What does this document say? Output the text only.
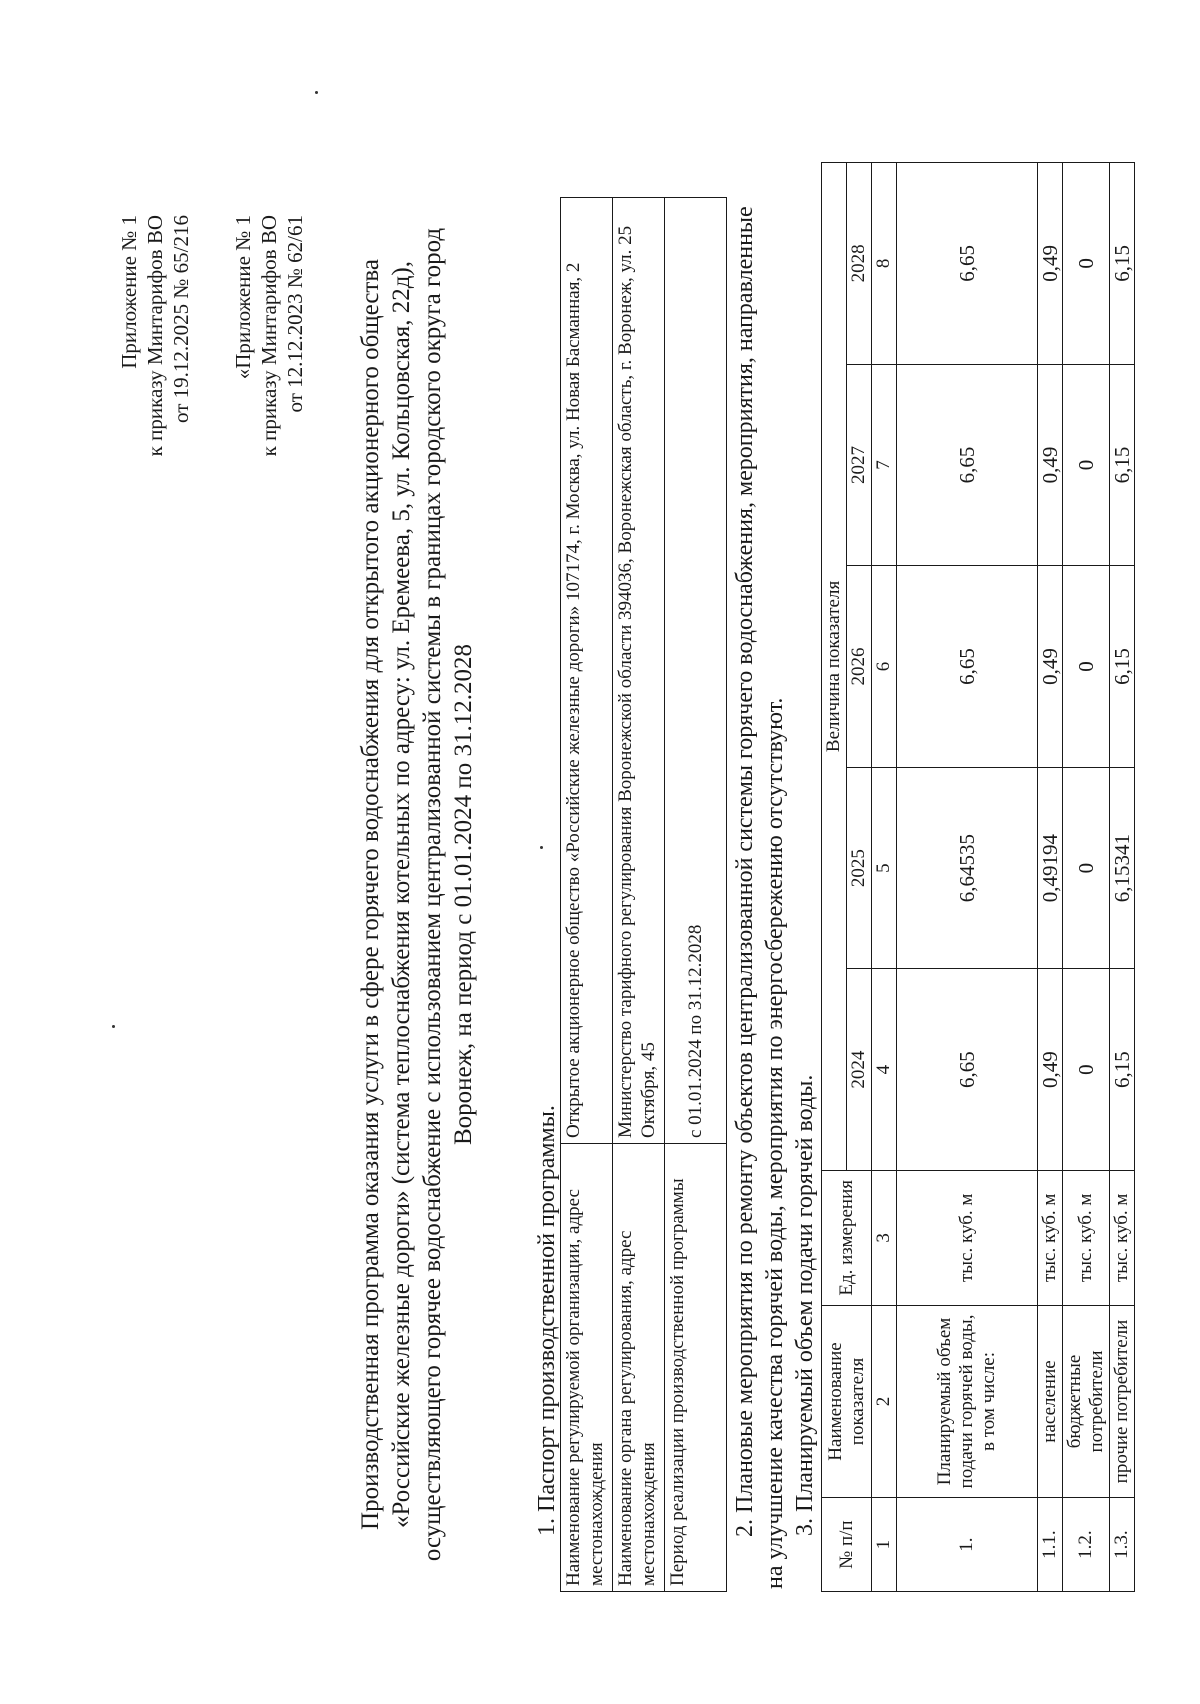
Приложение № 1 к приказу Минтарифов ВО от 19.12.2025 № 65/216 «Приложение № 1 к приказу Минтарифов ВО от 12.12.2023 № 62/61 Производственная программа оказания услуги в сфере горячего водоснабжения для открытого акционерного общества «Российские железные дороги» (система теплоснабжения котельных по адресу: ул. Еремеева, 5, ул. Кольцовская, 22д), осуществляющего горячее водоснабжение с использованием централизованной системы в границах городского округа город Воронеж, на период с 01.01.2024 по 31.12.2028
1. Паспорт производственной программы. Наименование регулируемой организации, адрес местонахождения	Открытое акционерное общество «Российские железные дороги» 107174, г. Москва, ул. Новая Басманная, 2
Наименование органа регулирования, адрес местонахождения	Министерство тарифного регулирования Воронежской области 394036, Воронежская область, г. Воронеж, ул. 25 Октября, 45
Период реализации производственной программы	с 01.01.2024 по 31.12.2028 2. Плановые мероприятия по ремонту объектов централизованной системы горячего водоснабжения, мероприятия, направленные на улучшение качества горячей воды, мероприятия по энергосбережению отсутствуют. 3. Планируемый объем подачи горячей воды.
№ п/п	Наименование показателя	Ед. измерения	Величина показателя				
			2024	2025	2026	2027	2028
1	2	3	4	5	6	7	8
1.	Планируемый объем подачи горячей воды, в том числе:	тыс. куб. м	6,65	6,64535	6,65	6,65	6,65
1.1.	население	тыс. куб. м	0,49	0,49194	0,49	0,49	0,49
1.2.	бюджетные потребители	тыс. куб. м	0	0	0	0	0
1.3.	прочие потребители	тыс. куб. м	6,15	6,15341	6,15	6,15	6,15
